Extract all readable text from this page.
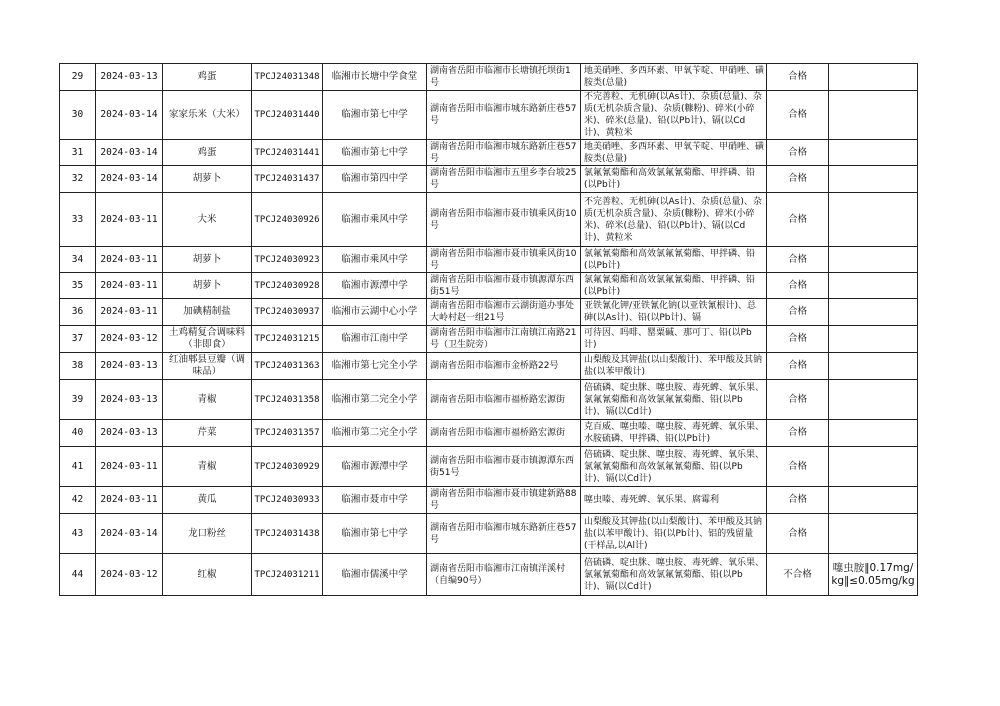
29	2024-03-13	鸡蛋	TPCJ24031348	临湘市长塘中学食堂	湖南省岳阳市临湘市长塘镇托坝街1号	地美硝唑、多西环素、甲氧苄啶、甲硝唑、磺胺类(总量)	合格	
30	2024-03-14	家家乐米（大米）	TPCJ24031440	临湘市第七中学	湖南省岳阳市临湘市城东路新庄巷57号	不完善粒、无机砷(以As计)、杂质(总量)、杂质(无机杂质含量)、杂质(糠粉)、碎米(小碎米)、碎米(总量)、铅(以Pb计)、镉(以Cd计)、黄粒米	合格	
31	2024-03-14	鸡蛋	TPCJ24031441	临湘市第七中学	湖南省岳阳市临湘市城东路新庄巷57号	地美硝唑、多西环素、甲氧苄啶、甲硝唑、磺胺类(总量)	合格	
32	2024-03-14	胡萝卜	TPCJ24031437	临湘市第四中学	湖南省岳阳市临湘市五里乡李台坡25号	氯氟氰菊酯和高效氯氟氰菊酯、甲拌磷、铅(以Pb计)	合格	
33	2024-03-11	大米	TPCJ24030926	临湘市乘风中学	湖南省岳阳市临湘市聂市镇乘风街10号	不完善粒、无机砷(以As计)、杂质(总量)、杂质(无机杂质含量)、杂质(糠粉)、碎米(小碎米)、碎米(总量)、铅(以Pb计)、镉(以Cd计)、黄粒米	合格	
34	2024-03-11	胡萝卜	TPCJ24030923	临湘市乘风中学	湖南省岳阳市临湘市聂市镇乘风街10号	氯氟氰菊酯和高效氯氟氰菊酯、甲拌磷、铅(以Pb计)	合格	
35	2024-03-11	胡萝卜	TPCJ24030928	临湘市源潭中学	湖南省岳阳市临湘市聂市镇源潭东西街51号	氯氟氰菊酯和高效氯氟氰菊酯、甲拌磷、铅(以Pb计)	合格	
36	2024-03-11	加碘精制盐	TPCJ24030937	临湘市云湖中心小学	湖南省岳阳市临湘市云湖街道办事处大岭村赵一组21号	亚铁氰化钾/亚铁氰化钠(以亚铁氰根计)、总砷(以As计)、铅(以Pb计)、镉	合格	
37	2024-03-12	土鸡精复合调味料（非即食）	TPCJ24031215	临湘市江南中学	湖南省岳阳市临湘市江南镇江南路21号（卫生院旁）	可待因、吗啡、罂粟碱、那可丁、铅(以Pb计)	合格	
38	2024-03-13	红油郫县豆瓣（调味品）	TPCJ24031363	临湘市第七完全小学	湖南省岳阳市临湘市金桥路22号	山梨酸及其钾盐(以山梨酸计)、苯甲酸及其钠盐(以苯甲酸计)	合格	
39	2024-03-13	青椒	TPCJ24031358	临湘市第二完全小学	湖南省岳阳市临湘市福桥路宏源街	倍硫磷、啶虫脒、噻虫胺、毒死蜱、氧乐果、氯氟氰菊酯和高效氯氟氰菊酯、铅(以Pb计)、镉(以Cd计)	合格	
40	2024-03-13	芹菜	TPCJ24031357	临湘市第二完全小学	湖南省岳阳市临湘市福桥路宏源街	克百威、噻虫嗪、噻虫胺、毒死蜱、氧乐果、水胺硫磷、甲拌磷、铅(以Pb计)	合格	
41	2024-03-11	青椒	TPCJ24030929	临湘市源潭中学	湖南省岳阳市临湘市聂市镇源潭东西街51号	倍硫磷、啶虫脒、噻虫胺、毒死蜱、氧乐果、氯氟氰菊酯和高效氯氟氰菊酯、铅(以Pb计)、镉(以Cd计)	合格	
42	2024-03-11	黄瓜	TPCJ24030933	临湘市聂市中学	湖南省岳阳市临湘市聂市镇建新路88号	噻虫嗪、毒死蜱、氧乐果、腐霉利	合格	
43	2024-03-14	龙口粉丝	TPCJ24031438	临湘市第七中学	湖南省岳阳市临湘市城东路新庄巷57号	山梨酸及其钾盐(以山梨酸计)、苯甲酸及其钠盐(以苯甲酸计)、铅(以Pb计)、铝的残留量(干样品,以Al计)	合格	
44	2024-03-12	红椒	TPCJ24031211	临湘市儒溪中学	湖南省岳阳市临湘市江南镇洋溪村（自编90号）	倍硫磷、啶虫脒、噻虫胺、毒死蜱、氧乐果、氯氟氰菊酯和高效氯氟氰菊酯、铅(以Pb计)、镉(以Cd计)	不合格	噻虫胺‖0.17mg/kg‖≤0.05mg/kg
